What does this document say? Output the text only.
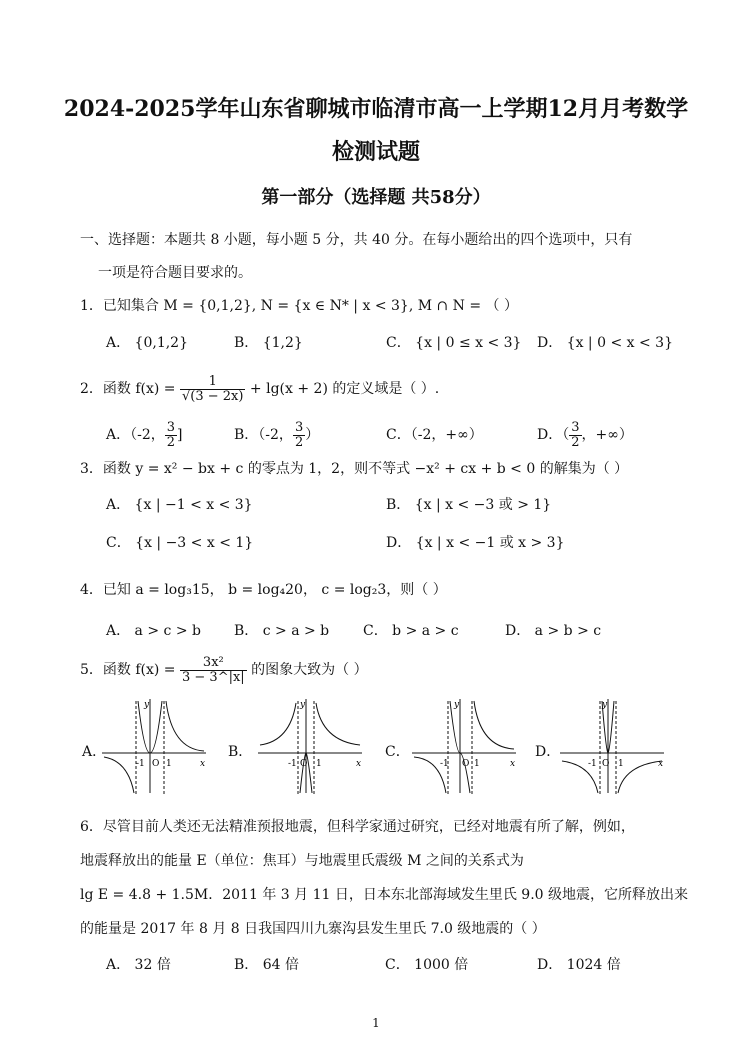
2024-2025学年山东省聊城市临清市高一上学期12月月考数学
检测试题
第一部分（选择题 共58分）
一、选择题：本题共 8 小题，每小题 5 分，共 40 分。在每小题给出的四个选项中，只有
一项是符合题目要求的。
1．已知集合 M = {0,1,2}, N = {x ∈ N* | x < 3}, M ∩ N = （ ）
A． {0,1,2}	B． {1,2}	C． {x | 0 ≤ x < 3} D． {x | 0 < x < 3}
2．函数 $f(x) = \frac{1}{√(3 - 2x)} + \lg(x + 2)$ 的定义域是（ ）.
A．（-2， $\frac{3}{2}$ ]	B．（-2， $\frac{3}{2}$ ）	C．（-2，+∞）	D．（ $\frac{3}{2}$ ，+∞）
3．函数 y = x² − bx + c 的零点为 1，2，则不等式 −x² + cx + b < 0 的解集为（ ）
A． {x | −1 < x < 3}	B． {x | x < −3 或 > 1}
C． {x | −3 < x < 1}	D． {x | x < −1 或 x > 3}
4．已知 a = log₃15， b = log₄20， c = log₂3，则（ ）
A． a > c > b B． c > a > b C． b > a > c	D． a > b > c
5．函数 $f(x) = \frac{\text{3x²}}{3 - 3\^{}|x|}$ 的图象大致为（ ）
A．	B．	C．	D．
-1 O 1	x
y
-1 O 1	x
y
-1 O 1	x
y
-1 O 1	x
y
6．尽管目前人类还无法精准预报地震，但科学家通过研究，已经对地震有所了解，例如，
地震释放出的能量 E（单位：焦耳）与地震里氏震级 M 之间的关系式为
lg E = 4.8 + 1.5M．2011 年 3 月 11 日，日本东北部海域发生里氏 9.0 级地震，它所释放出来
的能量是 2017 年 8 月 8 日我国四川九寨沟县发生里氏 7.0 级地震的（ ）
A． 32 倍	B． 64 倍	C． 1000 倍	D． 1024 倍
1
